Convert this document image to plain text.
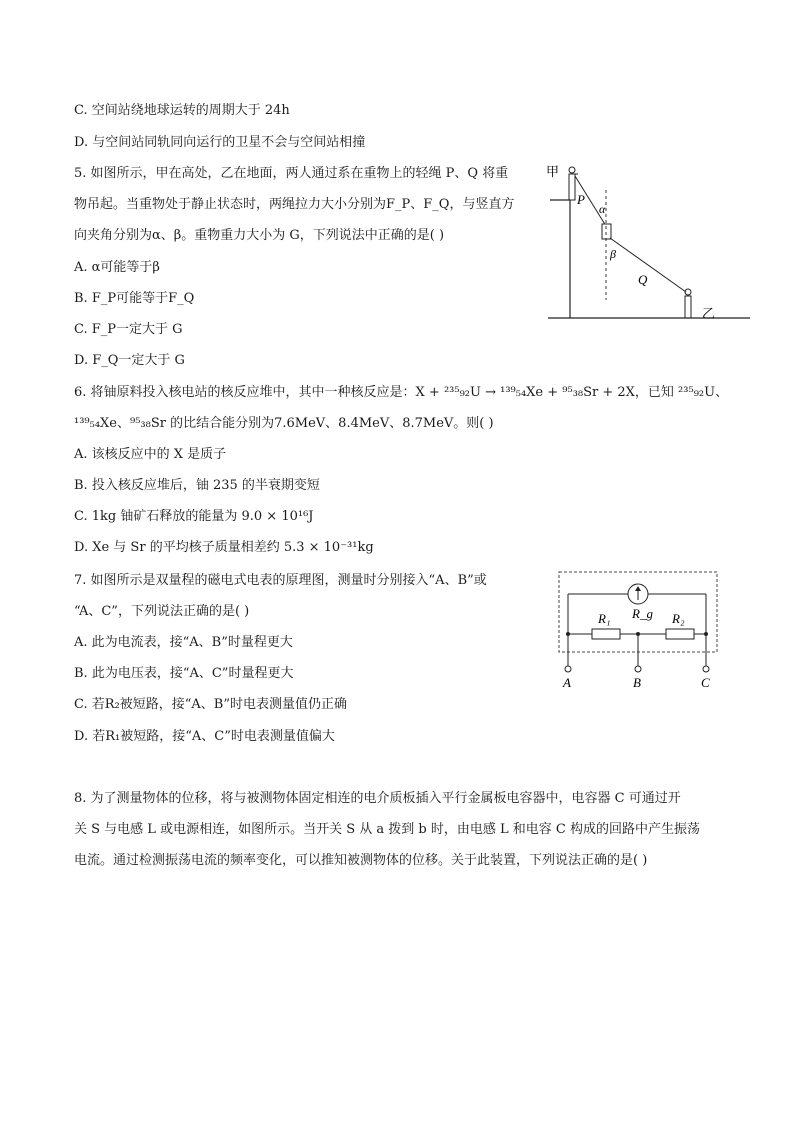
C. 空间站绕地球运转的周期大于 24h
D. 与空间站同轨同向运行的卫星不会与空间站相撞
5. 如图所示，甲在高处，乙在地面，两人通过系在重物上的轻绳 P、Q 将重
物吊起。当重物处于静止状态时，两绳拉力大小分别为F_P、F_Q，与竖直方
向夹角分别为α、β。重物重力大小为 G，下列说法中正确的是( )
A. α可能等于β
B. F_P可能等于F_Q
C. F_P一定大于 G
D. F_Q一定大于 G
甲
P
α
β
Q
乙
6. 将铀原料投入核电站的核反应堆中，其中一种核反应是：X + ²³⁵₉₂U → ¹³⁹₅₄Xe + ⁹⁵₃₈Sr + 2X，已知 ²³⁵₉₂U、
¹³⁹₅₄Xe、⁹⁵₃₈Sr 的比结合能分别为7.6MeV、8.4MeV、8.7MeV。则( )
A. 该核反应中的 X 是质子
B. 投入核反应堆后，铀 235 的半衰期变短
C. 1kg 铀矿石释放的能量为 9.0 × 10¹⁶J
D. Xe 与 Sr 的平均核子质量相差约 5.3 × 10⁻³¹kg
7. 如图所示是双量程的磁电式电表的原理图，测量时分别接入“A、B”或
“A、C”，下列说法正确的是( )
A. 此为电流表，接“A、B”时量程更大
B. 此为电压表，接“A、C”时量程更大
C. 若R₂被短路，接“A、B”时电表测量值仍正确
D. 若R₁被短路，接“A、C”时电表测量值偏大
R_g
R₁	R₂
A	B	C
8. 为了测量物体的位移，将与被测物体固定相连的电介质板插入平行金属板电容器中，电容器 C 可通过开
关 S 与电感 L 或电源相连，如图所示。当开关 S 从 a 拨到 b 时，由电感 L 和电容 C 构成的回路中产生振荡
电流。通过检测振荡电流的频率变化，可以推知被测物体的位移。关于此装置，下列说法正确的是( )
